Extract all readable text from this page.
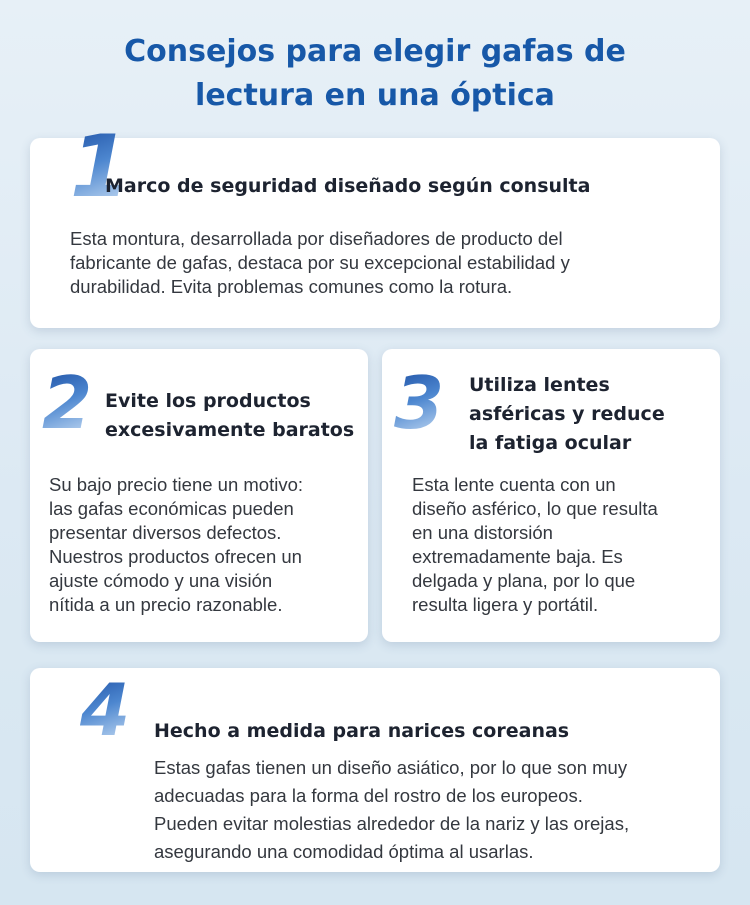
Consejos para elegir gafas de
lectura en una óptica
1
Marco de seguridad diseñado según consulta

Esta montura, desarrollada por diseñadores de producto del
fabricante de gafas, destaca por su excepcional estabilidad y
durabilidad. Evita problemas comunes como la rotura.

2 Evite los productos
excesivamente baratos

Su bajo precio tiene un motivo:
las gafas económicas pueden
presentar diversos defectos.
Nuestros productos ofrecen un
ajuste cómodo y una visión
nítida a un precio razonable.

3 Utiliza lentes
asféricas y reduce
la fatiga ocular

Esta lente cuenta con un
diseño asférico, lo que resulta
en una distorsión
extremadamente baja. Es
delgada y plana, por lo que
resulta ligera y portátil.

4 Hecho a medida para narices coreanas

Estas gafas tienen un diseño asiático, por lo que son muy
adecuadas para la forma del rostro de los europeos.
Pueden evitar molestias alrededor de la nariz y las orejas,
asegurando una comodidad óptima al usarlas.
